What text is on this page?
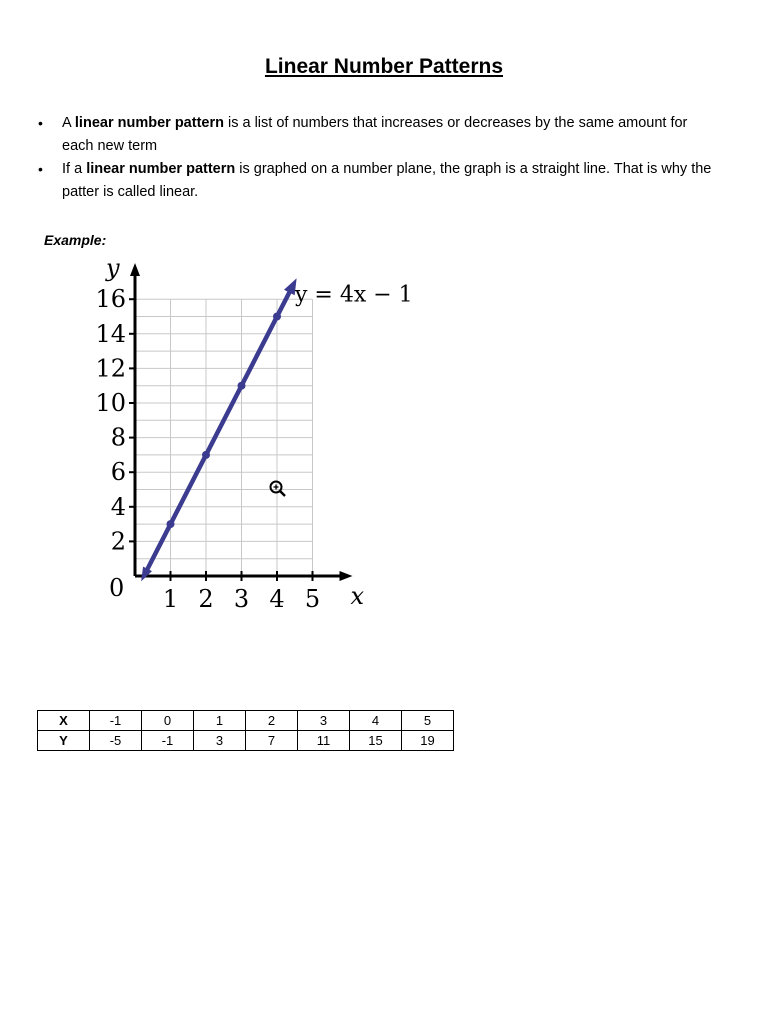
Linear Number Patterns
• A linear number pattern is a list of numbers that increases or decreases by the same amount for each new term
• If a linear number pattern is graphed on a number plane, the graph is a straight line. That is why the patter is called linear.
Example:
1 2 3 4 5
2
4
6
8
10
12
14
16
0	x
y
y = 4x − 1
X	-1	0	1	2	3	4	5
Y	-5	-1	3	7	11	15	19
